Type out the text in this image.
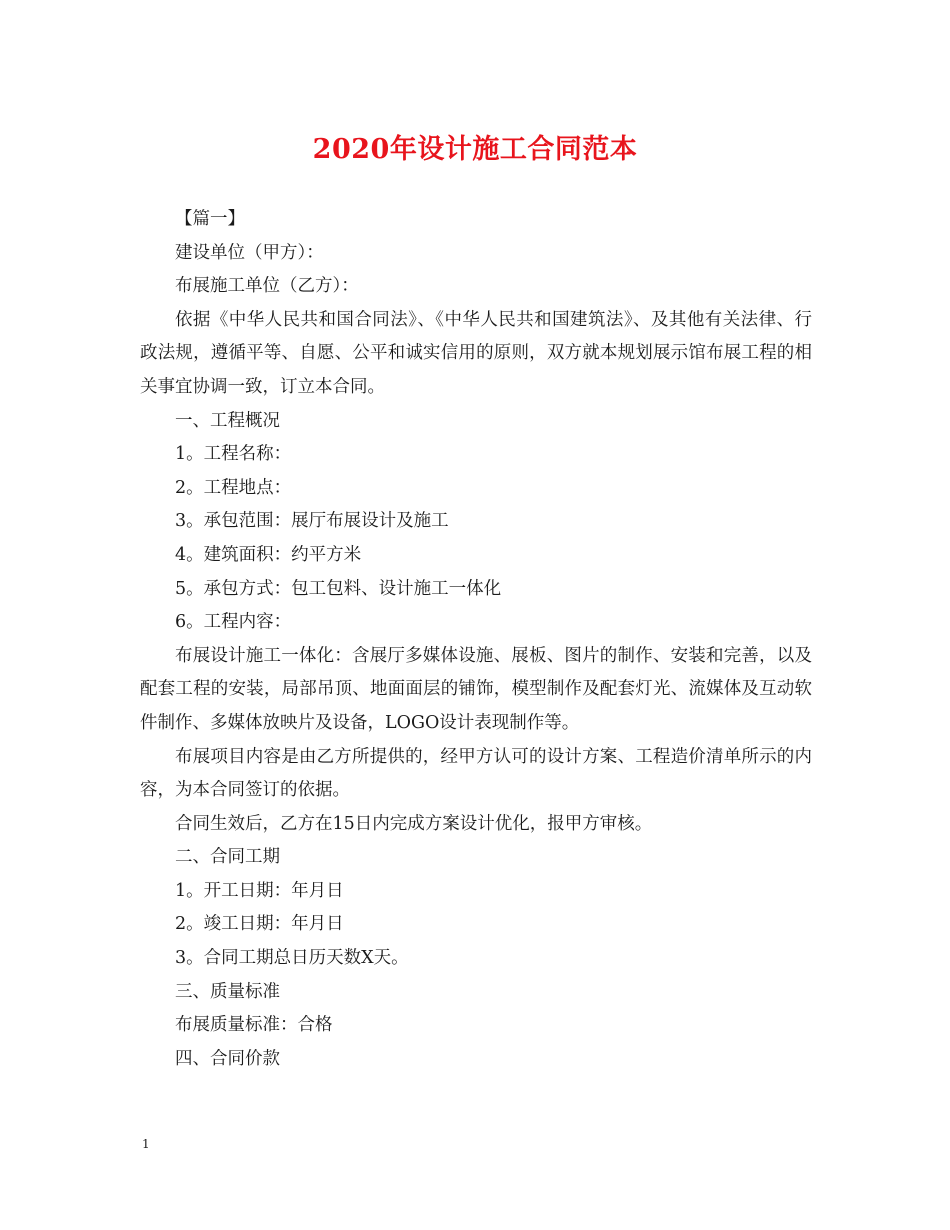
2020年设计施工合同范本

【篇一】

建设单位（甲方）：

布展施工单位（乙方）：

依据《中华人民共和国合同法》、《中华人民共和国建筑法》、及其他有关法律、行政法规，遵循平等、自愿、公平和诚实信用的原则，双方就本规划展示馆布展工程的相关事宜协调一致，订立本合同。

一、工程概况

1。工程名称：

2。工程地点：

3。承包范围：展厅布展设计及施工

4。建筑面积：约平方米

5。承包方式：包工包料、设计施工一体化

6。工程内容：

布展设计施工一体化：含展厅多媒体设施、展板、图片的制作、安装和完善，以及配套工程的安装，局部吊顶、地面面层的铺饰，模型制作及配套灯光、流媒体及互动软件制作、多媒体放映片及设备，LOGO设计表现制作等。

布展项目内容是由乙方所提供的，经甲方认可的设计方案、工程造价清单所示的内容，为本合同签订的依据。

合同生效后，乙方在15日内完成方案设计优化，报甲方审核。

二、合同工期

1。开工日期：年月日

2。竣工日期：年月日

3。合同工期总日历天数X天。

三、质量标准

布展质量标准：合格

四、合同价款

1
